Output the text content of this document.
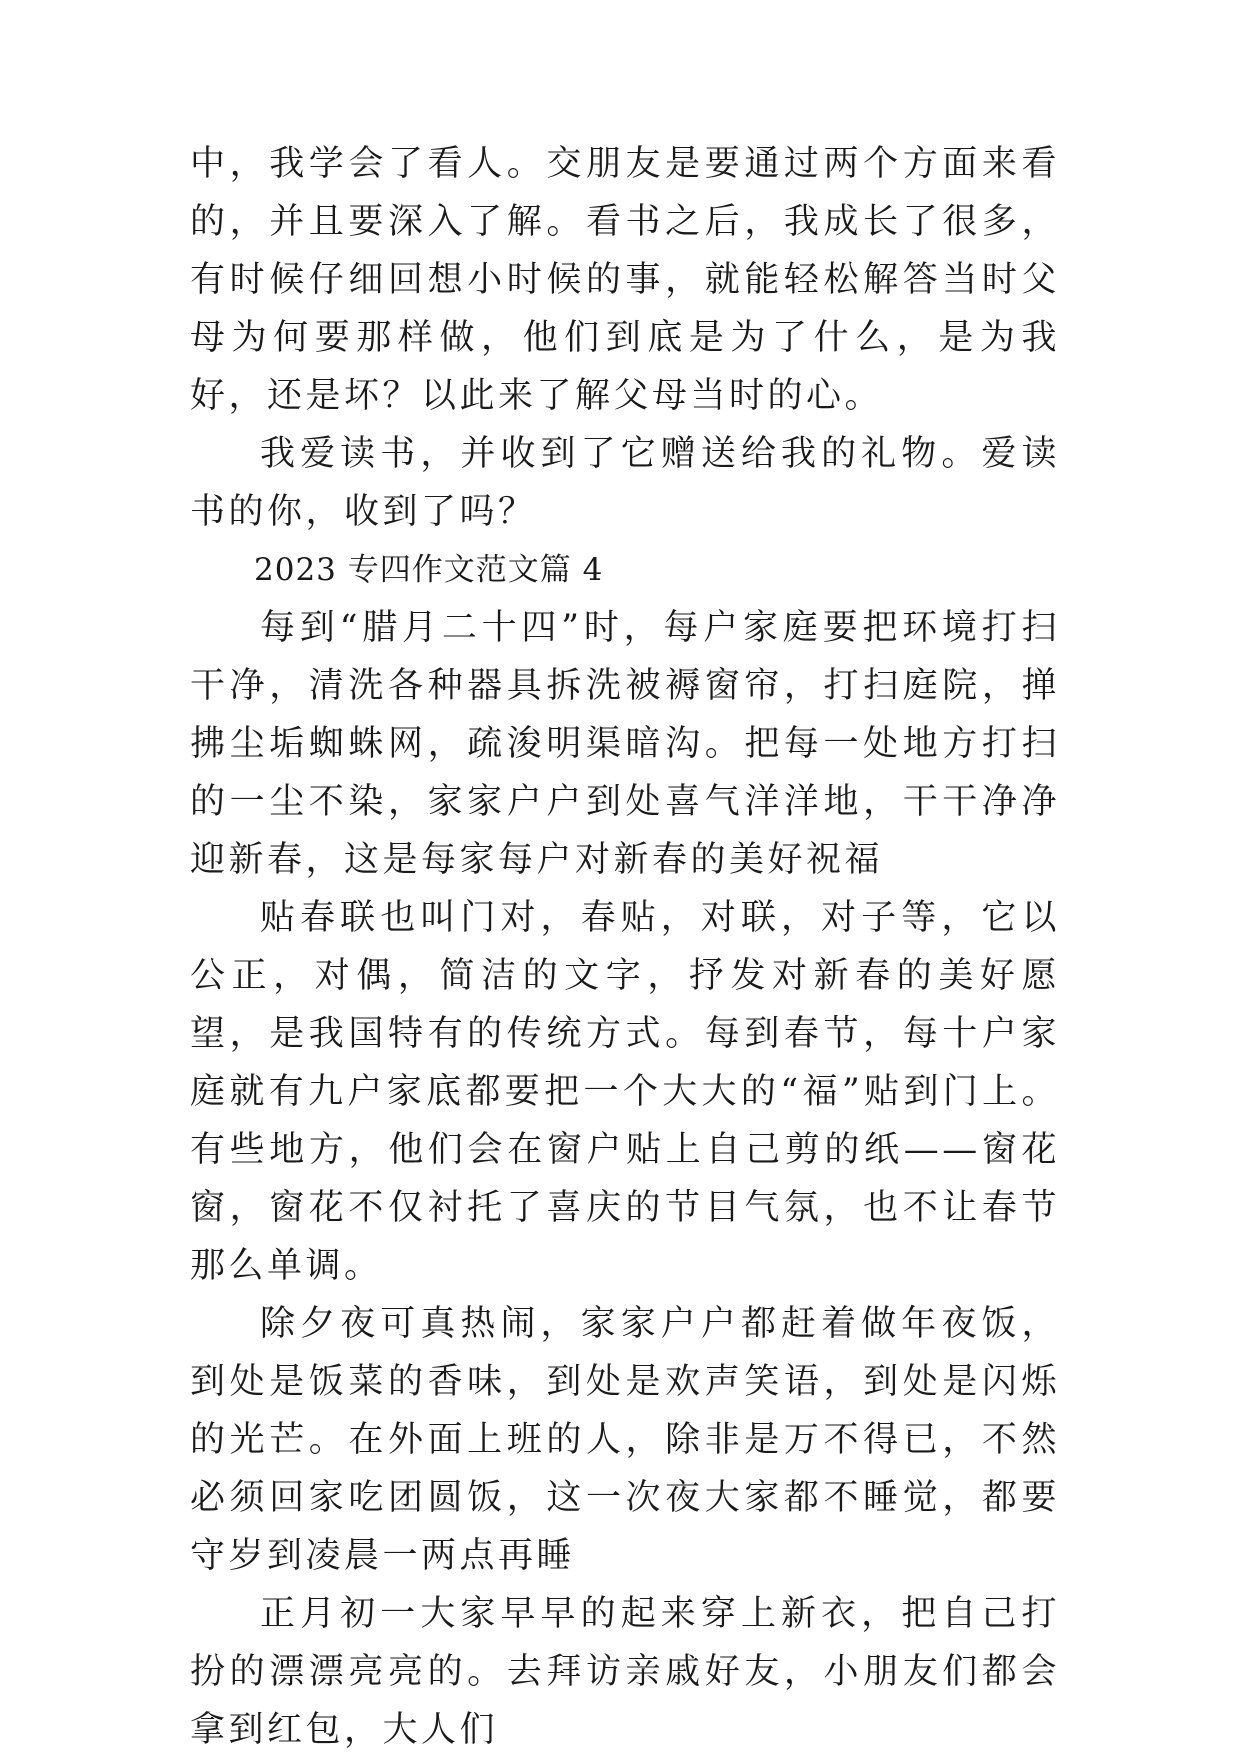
中，我学会了看人。交朋友是要通过两个方面来看的，并且要深入了解。看书之后，我成长了很多，有时候仔细回想小时候的事，就能轻松解答当时父母为何要那样做，他们到底是为了什么，是为我好，还是坏？以此来了解父母当时的心。

我爱读书，并收到了它赠送给我的礼物。爱读书的你，收到了吗？

2023 专四作文范文篇 4

每到“腊月二十四”时，每户家庭要把环境打扫干净，清洗各种器具拆洗被褥窗帘，打扫庭院，掸拂尘垢蜘蛛网，疏浚明渠暗沟。把每一处地方打扫的一尘不染，家家户户到处喜气洋洋地，干干净净迎新春，这是每家每户对新春的美好祝福

贴春联也叫门对，春贴，对联，对子等，它以公正，对偶，简洁的文字，抒发对新春的美好愿望，是我国特有的传统方式。每到春节，每十户家庭就有九户家底都要把一个大大的“福”贴到门上。有些地方，他们会在窗户贴上自己剪的纸——窗花窗，窗花不仅衬托了喜庆的节目气氛，也不让春节那么单调。

除夕夜可真热闹，家家户户都赶着做年夜饭，到处是饭菜的香味，到处是欢声笑语，到处是闪烁的光芒。在外面上班的人，除非是万不得已，不然必须回家吃团圆饭，这一次夜大家都不睡觉，都要守岁到凌晨一两点再睡

正月初一大家早早的起来穿上新衣，把自己打扮的漂漂亮亮的。去拜访亲戚好友，小朋友们都会拿到红包，大人们
